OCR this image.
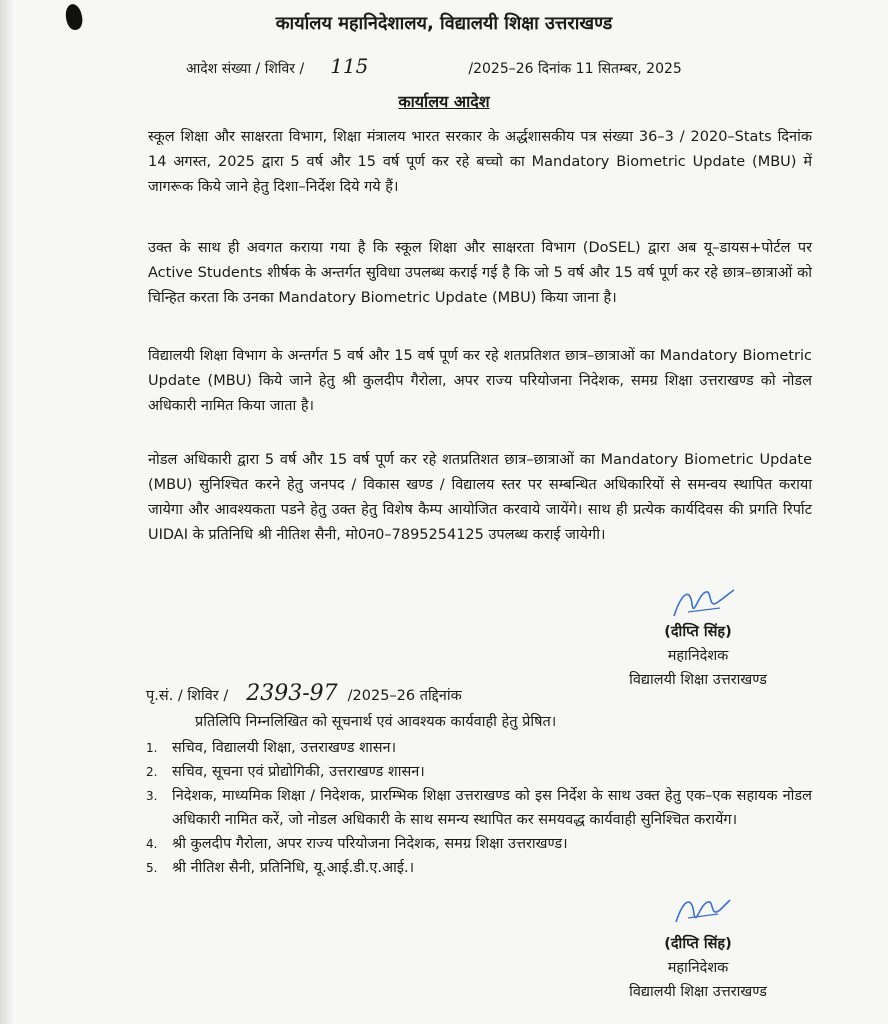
कार्यालय महानिदेशालय, विद्यालयी शिक्षा उत्तराखण्ड
आदेश संख्या / शिविर / 115	/2025–26 दिनांक 11 सितम्बर, 2025
कार्यालय आदेश
स्कूल शिक्षा और साक्षरता विभाग, शिक्षा मंत्रालय भारत सरकार के अर्द्धशासकीय पत्र संख्या 36–3 / 2020–Stats दिनांक 14 अगस्त, 2025 द्वारा 5 वर्ष और 15 वर्ष पूर्ण कर रहे बच्चो का Mandatory Biometric Update (MBU) में जागरूक किये जाने हेतु दिशा–निर्देश दिये गये हैं।
उक्त के साथ ही अवगत कराया गया है कि स्कूल शिक्षा और साक्षरता विभाग (DoSEL) द्वारा अब यू–डायस+पोर्टल पर Active Students शीर्षक के अन्तर्गत सुविधा उपलब्ध कराई गई है कि जो 5 वर्ष और 15 वर्ष पूर्ण कर रहे छात्र–छात्राओं को चिन्हित करता कि उनका Mandatory Biometric Update (MBU) किया जाना है।
विद्यालयी शिक्षा विभाग के अन्तर्गत 5 वर्ष और 15 वर्ष पूर्ण कर रहे शतप्रतिशत छात्र–छात्राओं का Mandatory Biometric Update (MBU) किये जाने हेतु श्री कुलदीप गैरोला, अपर राज्य परियोजना निदेशक, समग्र शिक्षा उत्तराखण्ड को नोडल अधिकारी नामित किया जाता है।
नोडल अधिकारी द्वारा 5 वर्ष और 15 वर्ष पूर्ण कर रहे शतप्रतिशत छात्र–छात्राओं का Mandatory Biometric Update (MBU) सुनिश्चित करने हेतु जनपद / विकास खण्ड / विद्यालय स्तर पर सम्बन्धित अधिकारियों से समन्वय स्थापित कराया जायेगा और आवश्यकता पडने हेतु उक्त हेतु विशेष कैम्प आयोजित करवाये जायेंगे। साथ ही प्रत्येक कार्यदिवस की प्रगति रिर्पाट UIDAI के प्रतिनिधि श्री नीतिश सैनी, मो0न0–7895254125 उपलब्ध कराई जायेगी।
(दीप्ति सिंह)
महानिदेशक
विद्यालयी शिक्षा उत्तराखण्ड
पृ.सं. / शिविर / 2393-97 /2025–26 तद्दिनांक
प्रतिलिपि निम्नलिखित को सूचनार्थ एवं आवश्यक कार्यवाही हेतु प्रेषित।
1. सचिव, विद्यालयी शिक्षा, उत्तराखण्ड शासन।
2. सचिव, सूचना एवं प्रोद्योगिकी, उत्तराखण्ड शासन।
3. निदेशक, माध्यमिक शिक्षा / निदेशक, प्रारम्भिक शिक्षा उत्तराखण्ड को इस निर्देश के साथ उक्त हेतु एक–एक सहायक नोडल अधिकारी नामित करें, जो नोडल अधिकारी के साथ समन्य स्थापित कर समयवद्ध कार्यवाही सुनिश्चित करायेंग।
4. श्री कुलदीप गैरोला, अपर राज्य परियोजना निदेशक, समग्र शिक्षा उत्तराखण्ड।
5. श्री नीतिश सैनी, प्रतिनिधि, यू.आई.डी.ए.आई.।
(दीप्ति सिंह)
महानिदेशक
विद्यालयी शिक्षा उत्तराखण्ड
